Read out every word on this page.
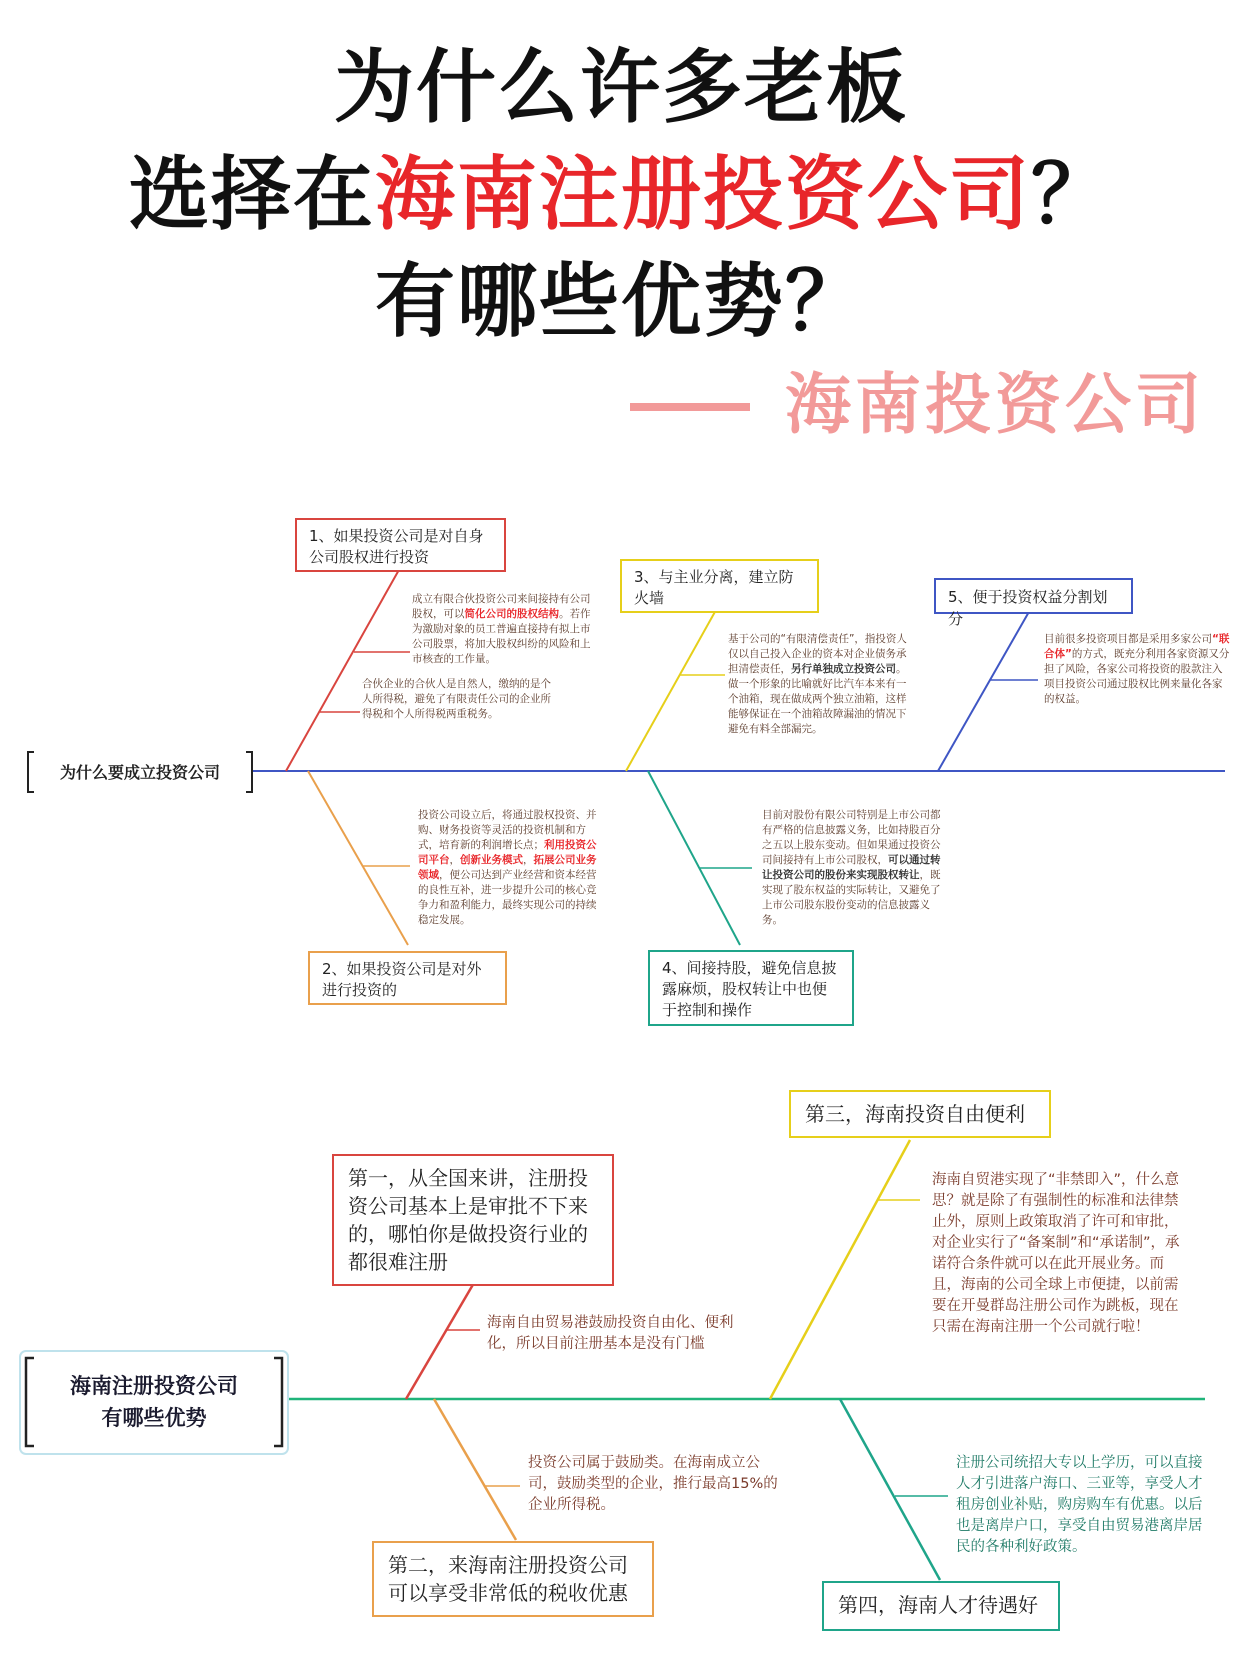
为什么许多老板
选择在海南注册投资公司？
有哪些优势？
海南投资公司
为什么要成立投资公司
1、如果投资公司是对自身公司股权进行投资
成立有限合伙投资公司来间接持有公司股权，可以简化公司的股权结构。若作为激励对象的员工普遍直接持有拟上市公司股票，将加大股权纠纷的风险和上市核查的工作量。
合伙企业的合伙人是自然人，缴纳的是个人所得税，避免了有限责任公司的企业所得税和个人所得税两重税务。
3、与主业分离，建立防火墙
基于公司的“有限清偿责任”，指投资人仅以自己投入企业的资本对企业债务承担清偿责任，另行单独成立投资公司。做一个形象的比喻就好比汽车本来有一个油箱，现在做成两个独立油箱，这样能够保证在一个油箱故障漏油的情况下避免有料全部漏完。
5、便于投资权益分割划分
目前很多投资项目都是采用多家公司“联合体”的方式，既充分利用各家资源又分担了风险，各家公司将投资的股款注入项目投资公司通过股权比例来量化各家的权益。
投资公司设立后，将通过股权投资、并购、财务投资等灵活的投资机制和方式，培育新的利润增长点；利用投资公司平台，创新业务模式，拓展公司业务领域，便公司达到产业经营和资本经营的良性互补，进一步提升公司的核心竞争力和盈利能力，最终实现公司的持续稳定发展。
2、如果投资公司是对外进行投资的
目前对股份有限公司特别是上市公司都有严格的信息披露义务，比如持股百分之五以上股东变动。但如果通过投资公司间接持有上市公司股权，可以通过转让投资公司的股份来实现股权转让，既实现了股东权益的实际转让，又避免了上市公司股东股份变动的信息披露义务。
4、间接持股，避免信息披露麻烦，股权转让中也便于控制和操作
海南注册投资公司
有哪些优势
第一，从全国来讲，注册投资公司基本上是审批不下来的，哪怕你是做投资行业的都很难注册
海南自由贸易港鼓励投资自由化、便利化，所以目前注册基本是没有门槛
第三，海南投资自由便利
海南自贸港实现了“非禁即入”，什么意思？就是除了有强制性的标准和法律禁止外，原则上政策取消了许可和审批，对企业实行了“备案制”和“承诺制”，承诺符合条件就可以在此开展业务。而且，海南的公司全球上市便捷，以前需要在开曼群岛注册公司作为跳板，现在只需在海南注册一个公司就行啦！
投资公司属于鼓励类。在海南成立公司，鼓励类型的企业，推行最高15%的企业所得税。
第二，来海南注册投资公司可以享受非常低的税收优惠
注册公司统招大专以上学历，可以直接人才引进落户海口、三亚等，享受人才租房创业补贴，购房购车有优惠。以后也是离岸户口，享受自由贸易港离岸居民的各种利好政策。
第四，海南人才待遇好
